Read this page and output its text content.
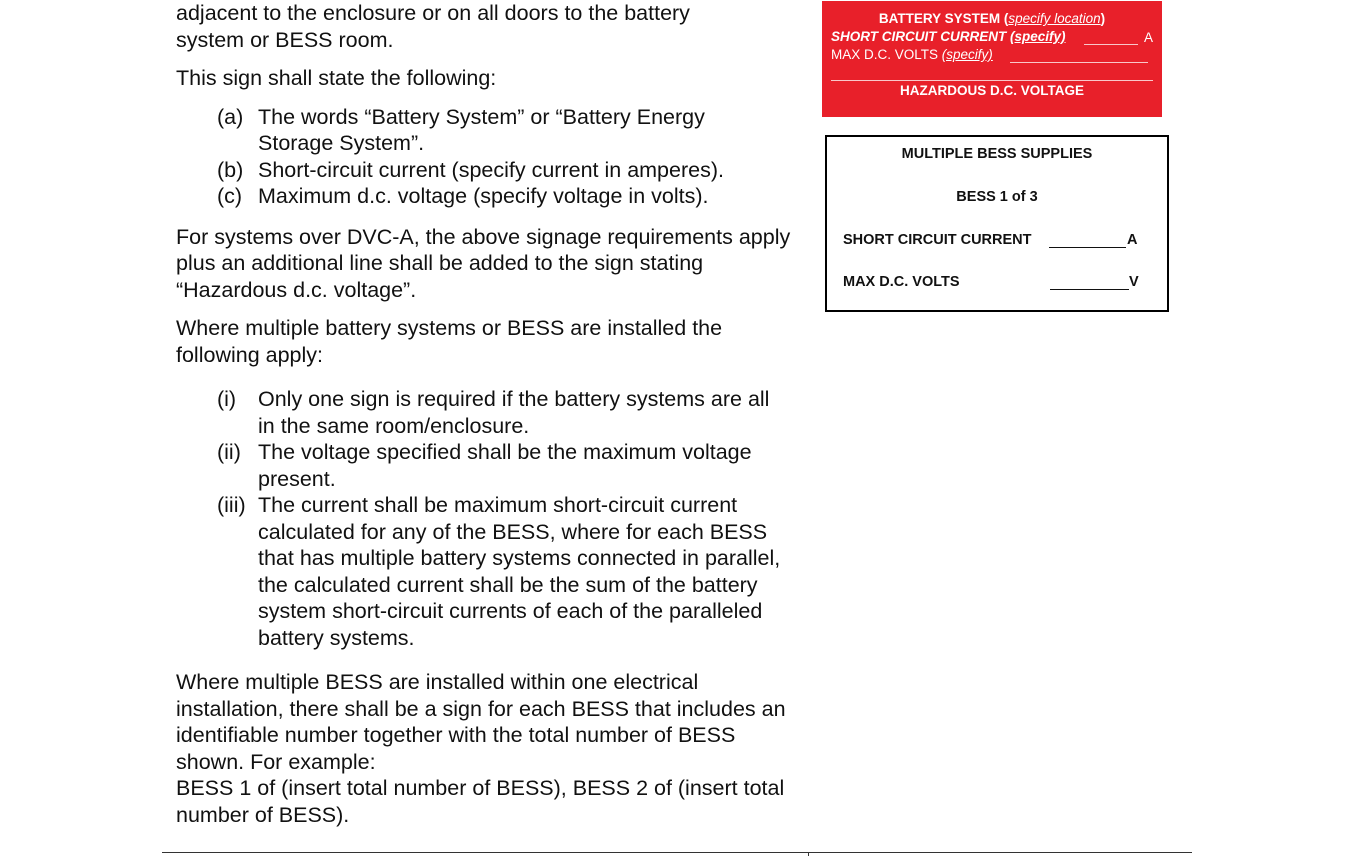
adjacent to the enclosure or on all doors to the battery system or BESS room.

This sign shall state the following:

(a) The words “Battery System” or “Battery Energy Storage System”.
(b) Short-circuit current (specify current in amperes).
(c) Maximum d.c. voltage (specify voltage in volts).

For systems over DVC-A, the above signage requirements apply plus an additional line shall be added to the sign stating “Hazardous d.c. voltage”.

Where multiple battery systems or BESS are installed the following apply:

(i) Only one sign is required if the battery systems are all in the same room/enclosure.
(ii) The voltage specified shall be the maximum voltage present.
(iii) The current shall be maximum short-circuit current calculated for any of the BESS, where for each BESS that has multiple battery systems connected in parallel, the calculated current shall be the sum of the battery system short-circuit currents of each of the paralleled battery systems.

Where multiple BESS are installed within one electrical installation, there shall be a sign for each BESS that includes an identifiable number together with the total number of BESS shown. For example:

BESS 1 of (insert total number of BESS), BESS 2 of (insert total number of BESS).

BATTERY SYSTEM (specify location)
SHORT CIRCUIT CURRENT (specify)	A
MAX D.C. VOLTS (specify)
HAZARDOUS D.C. VOLTAGE
MULTIPLE BESS SUPPLIES
BESS 1 of 3
SHORT CIRCUIT CURRENT	A
MAX D.C. VOLTS	V
